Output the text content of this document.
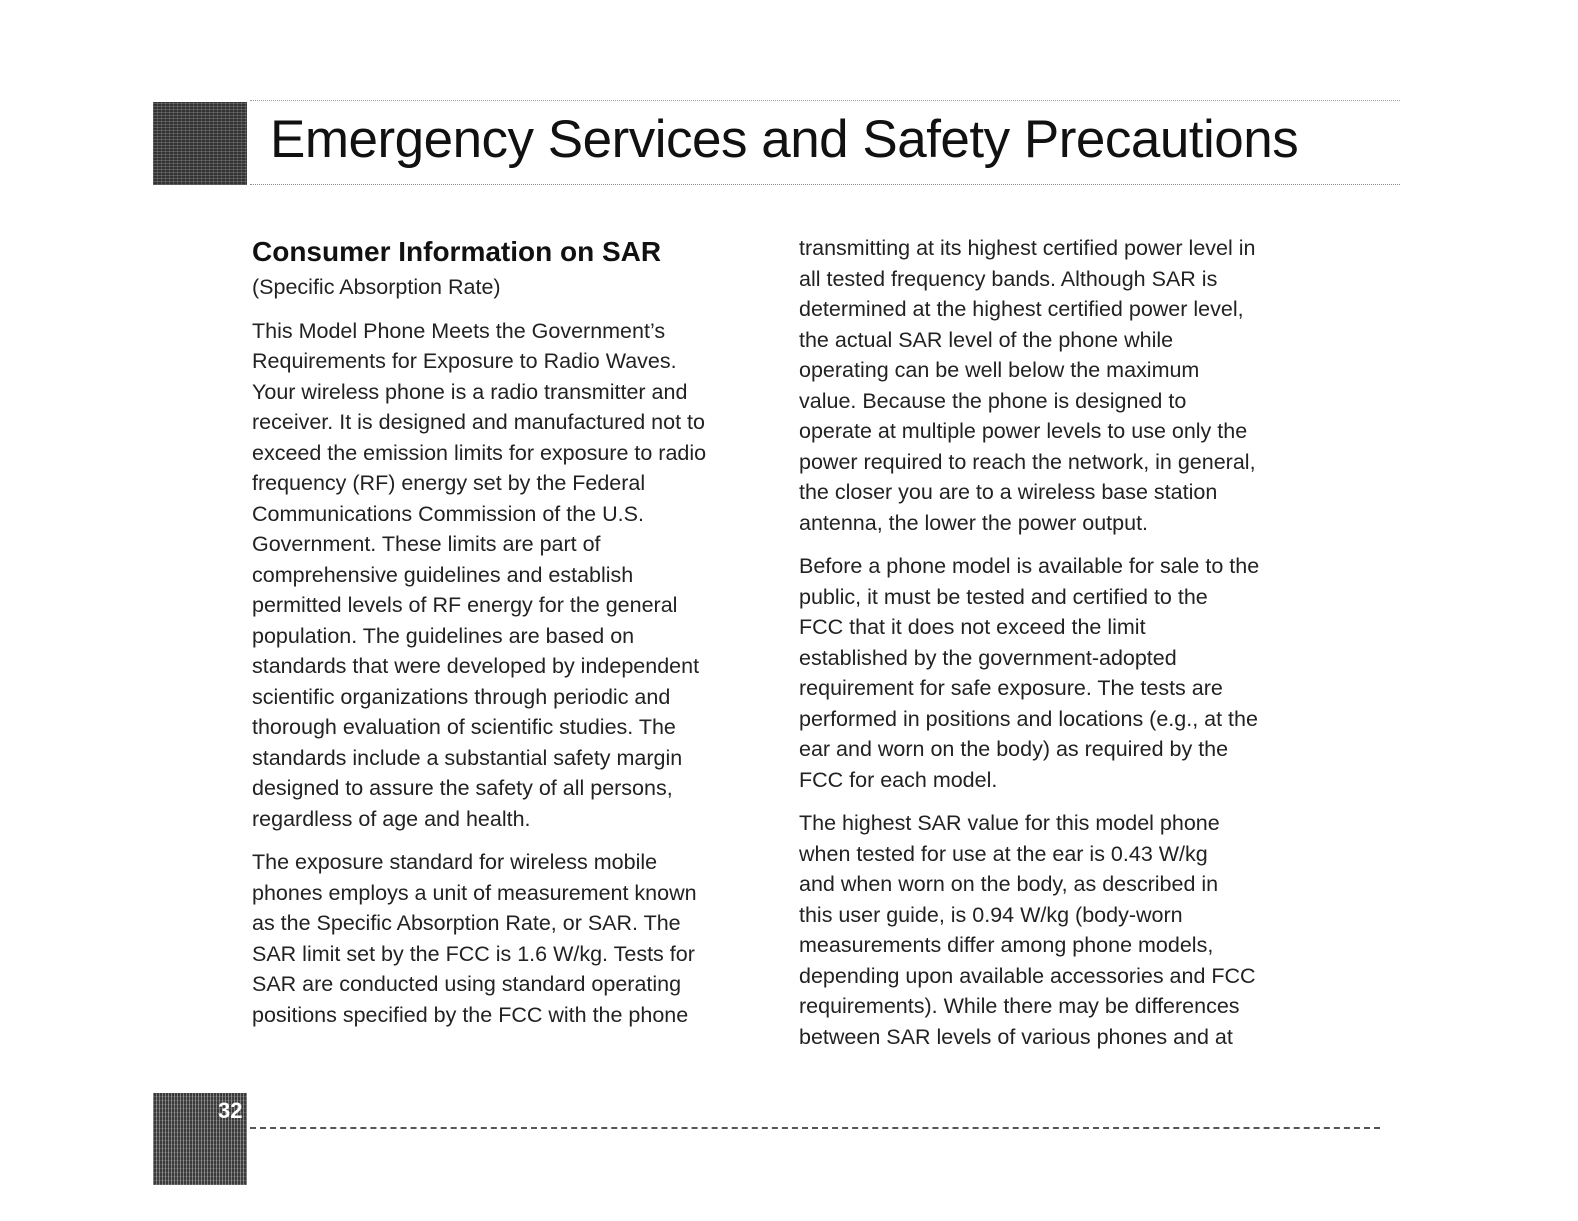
Emergency Services and Safety Precautions
Consumer Information on SAR

(Specific Absorption Rate)

This Model Phone Meets the Government’s
Requirements for Exposure to Radio Waves.
Your wireless phone is a radio transmitter and
receiver. It is designed and manufactured not to
exceed the emission limits for exposure to radio
frequency (RF) energy set by the Federal
Communications Commission of the U.S.
Government. These limits are part of
comprehensive guidelines and establish
permitted levels of RF energy for the general
population. The guidelines are based on
standards that were developed by independent
scientific organizations through periodic and
thorough evaluation of scientific studies. The
standards include a substantial safety margin
designed to assure the safety of all persons,
regardless of age and health.

The exposure standard for wireless mobile
phones employs a unit of measurement known
as the Specific Absorption Rate, or SAR. The
SAR limit set by the FCC is 1.6 W/kg. Tests for
SAR are conducted using standard operating
positions specified by the FCC with the phone

transmitting at its highest certified power level in
all tested frequency bands. Although SAR is
determined at the highest certified power level,
the actual SAR level of the phone while
operating can be well below the maximum
value. Because the phone is designed to
operate at multiple power levels to use only the
power required to reach the network, in general,
the closer you are to a wireless base station
antenna, the lower the power output.

Before a phone model is available for sale to the
public, it must be tested and certified to the
FCC that it does not exceed the limit
established by the government-adopted
requirement for safe exposure. The tests are
performed in positions and locations (e.g., at the
ear and worn on the body) as required by the
FCC for each model.

The highest SAR value for this model phone
when tested for use at the ear is 0.43 W/kg
and when worn on the body, as described in
this user guide, is 0.94 W/kg (body-worn
measurements differ among phone models,
depending upon available accessories and FCC
requirements). While there may be differences
between SAR levels of various phones and at

32
